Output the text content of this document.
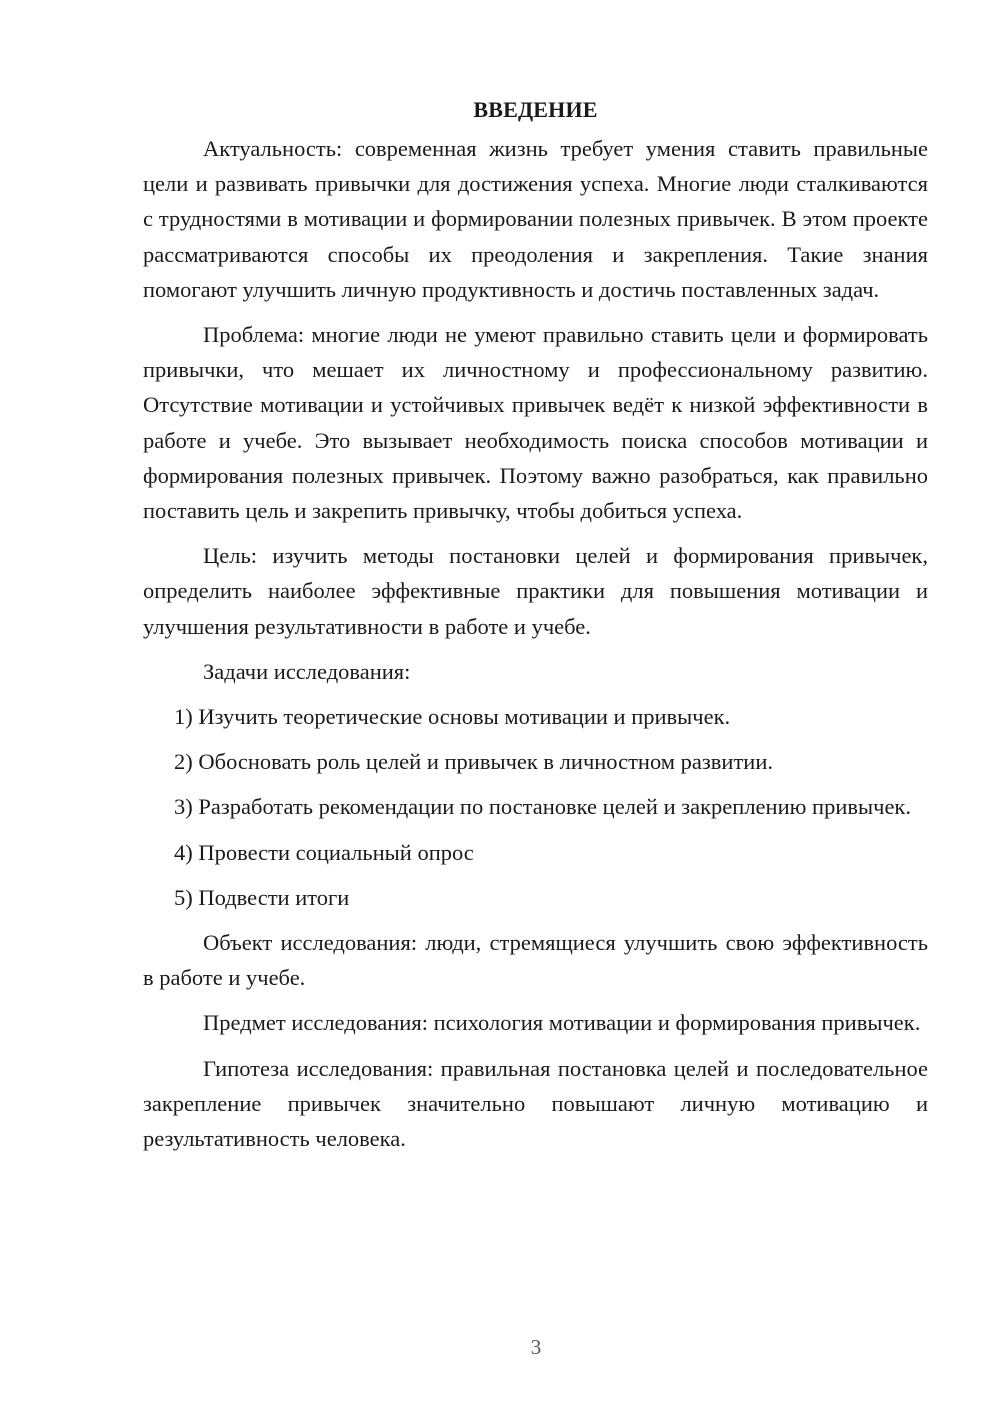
ВВЕДЕНИЕ

Актуальность: современная жизнь требует умения ставить правильные цели и развивать привычки для достижения успеха. Многие люди сталкиваются с трудностями в мотивации и формировании полезных привычек. В этом проекте рассматриваются способы их преодоления и закрепления. Такие знания помогают улучшить личную продуктивность и достичь поставленных задач.

Проблема: многие люди не умеют правильно ставить цели и формировать привычки, что мешает их личностному и профессиональному развитию. Отсутствие мотивации и устойчивых привычек ведёт к низкой эффективности в работе и учебе. Это вызывает необходимость поиска способов мотивации и формирования полезных привычек. Поэтому важно разобраться, как правильно поставить цель и закрепить привычку, чтобы добиться успеха.

Цель: изучить методы постановки целей и формирования привычек, определить наиболее эффективные практики для повышения мотивации и улучшения результативности в работе и учебе.

Задачи исследования:

1) Изучить теоретические основы мотивации и привычек.

2) Обосновать роль целей и привычек в личностном развитии.

3) Разработать рекомендации по постановке целей и закреплению привычек.

4) Провести социальный опрос

5) Подвести итоги

Объект исследования: люди, стремящиеся улучшить свою эффективность в работе и учебе.

Предмет исследования: психология мотивации и формирования привычек.

Гипотеза исследования: правильная постановка целей и последовательное закрепление привычек значительно повышают личную мотивацию и результативность человека.

3
